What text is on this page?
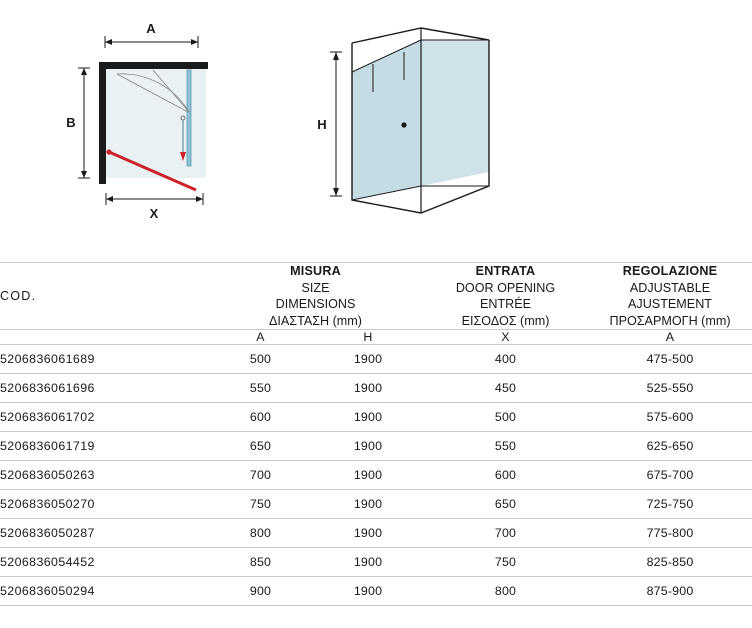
A
B
X
H
COD.	
MISURA
SIZE
DIMENSIONS
ΔΙΑΣΤΑΣΗ (mm)

ENTRATA
DOOR OPENING
ENTRÉE
ΕΙΣΟΔΟΣ (mm)

REGOLAZIONE
ADJUSTABLE
AJUSTEMENT
ΠΡΟΣΑΡΜΟΓΗ (mm)

	A	H	X	A
5206836061689	500	1900	400	475-500
5206836061696	550	1900	450	525-550
5206836061702	600	1900	500	575-600
5206836061719	650	1900	550	625-650
5206836050263	700	1900	600	675-700
5206836050270	750	1900	650	725-750
5206836050287	800	1900	700	775-800
5206836054452	850	1900	750	825-850
5206836050294	900	1900	800	875-900
